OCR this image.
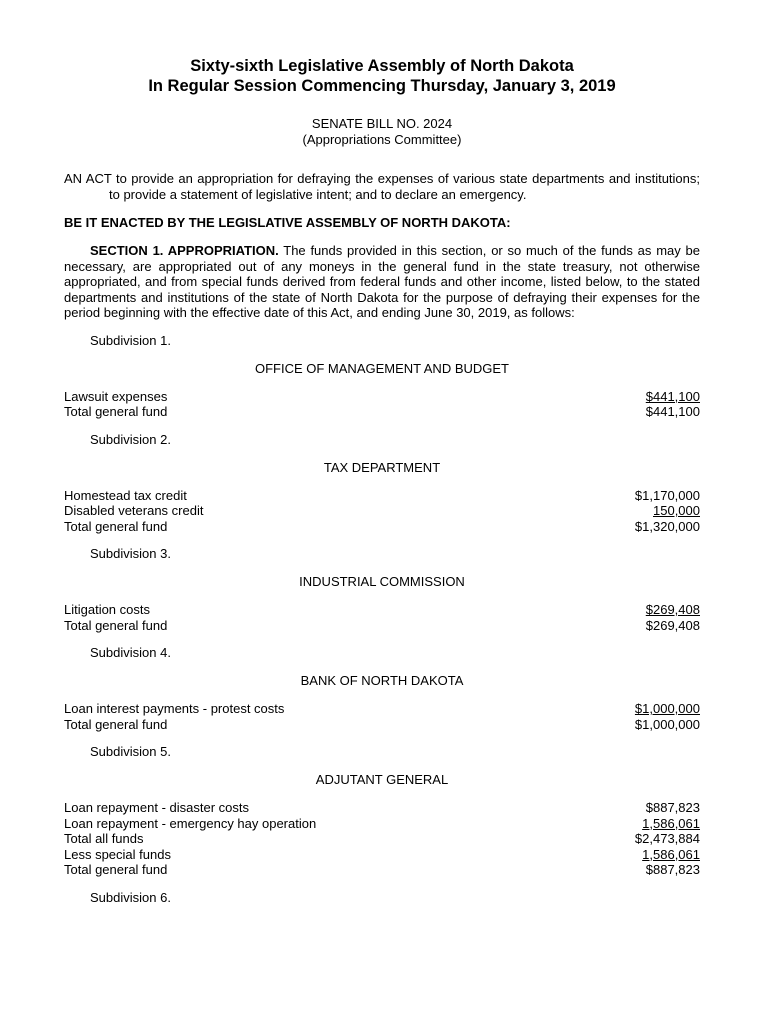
Sixty-sixth Legislative Assembly of North Dakota
In Regular Session Commencing Thursday, January 3, 2019
SENATE BILL NO. 2024
(Appropriations Committee)
AN ACT to provide an appropriation for defraying the expenses of various state departments and institutions; to provide a statement of legislative intent; and to declare an emergency.
BE IT ENACTED BY THE LEGISLATIVE ASSEMBLY OF NORTH DAKOTA:
SECTION 1. APPROPRIATION. The funds provided in this section, or so much of the funds as may be necessary, are appropriated out of any moneys in the general fund in the state treasury, not otherwise appropriated, and from special funds derived from federal funds and other income, listed below, to the stated departments and institutions of the state of North Dakota for the purpose of defraying their expenses for the period beginning with the effective date of this Act, and ending June 30, 2019, as follows:
Subdivision 1.
OFFICE OF MANAGEMENT AND BUDGET
Lawsuit expenses	$441,100
Total general fund	$441,100
Subdivision 2.
TAX DEPARTMENT
Homestead tax credit	$1,170,000
Disabled veterans credit	150,000
Total general fund	$1,320,000
Subdivision 3.
INDUSTRIAL COMMISSION
Litigation costs	$269,408
Total general fund	$269,408
Subdivision 4.
BANK OF NORTH DAKOTA
Loan interest payments - protest costs	$1,000,000
Total general fund	$1,000,000
Subdivision 5.
ADJUTANT GENERAL
Loan repayment - disaster costs	$887,823
Loan repayment - emergency hay operation	1,586,061
Total all funds	$2,473,884
Less special funds	1,586,061
Total general fund	$887,823
Subdivision 6.
